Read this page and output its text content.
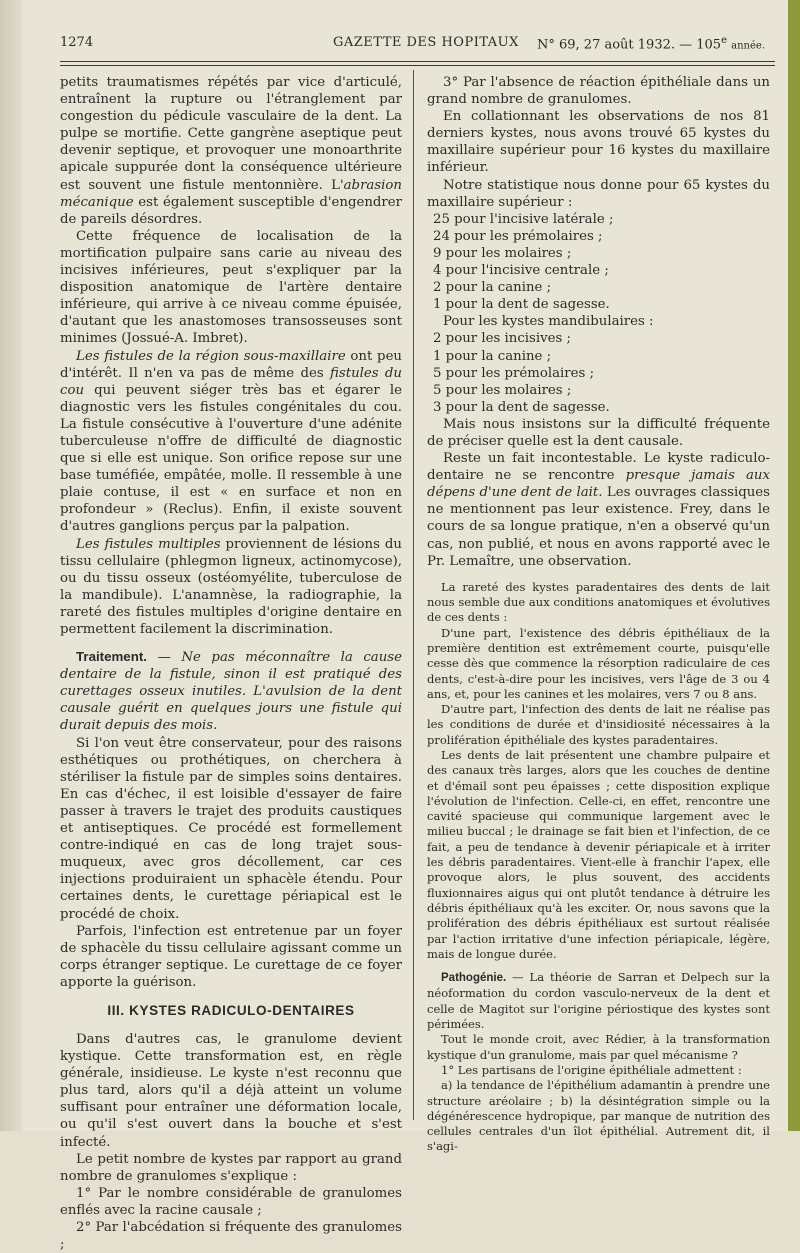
1274	GAZETTE DES HOPITAUX N° 69, 27 août 1932. — 105e année.

petits traumatismes répétés par vice d'articulé, entraînent la rupture ou l'étranglement par congestion du pédicule vasculaire de la dent. La pulpe se mortifie. Cette gangrène aseptique peut devenir septique, et provoquer une monoarthrite apicale suppurée dont la conséquence ultérieure est souvent une fistule mentonnière. L'abrasion mécanique est également susceptible d'engendrer de pareils désordres.

Cette fréquence de localisation de la mortification pulpaire sans carie au niveau des incisives inférieures, peut s'expliquer par la disposition anatomique de l'artère dentaire inférieure, qui arrive à ce niveau comme épuisée, d'autant que les anastomoses transosseuses sont minimes (Jossué-A. Imbret).

Les fistules de la région sous-maxillaire ont peu d'intérêt. Il n'en va pas de même des fistules du cou qui peuvent siéger très bas et égarer le diagnostic vers les fistules congénitales du cou. La fistule consécutive à l'ouverture d'une adénite tuberculeuse n'offre de difficulté de diagnostic que si elle est unique. Son orifice repose sur une base tuméfiée, empâtée, molle. Il ressemble à une plaie contuse, il est « en surface et non en profondeur » (Reclus). Enfin, il existe souvent d'autres ganglions perçus par la palpation.

Les fistules multiples proviennent de lésions du tissu cellulaire (phlegmon ligneux, actinomycose), ou du tissu osseux (ostéomyélite, tuberculose de la mandibule). L'anamnèse, la radiographie, la rareté des fistules multiples d'origine dentaire en permettent facilement la discrimination.

Traitement. — Ne pas méconnaître la cause dentaire de la fistule, sinon il est pratiqué des curettages osseux inutiles. L'avulsion de la dent causale guérit en quelques jours une fistule qui durait depuis des mois.

Si l'on veut être conservateur, pour des raisons esthétiques ou prothétiques, on cherchera à stériliser la fistule par de simples soins dentaires. En cas d'échec, il est loisible d'essayer de faire passer à travers le trajet des produits caustiques et antiseptiques. Ce procédé est formellement contre-indiqué en cas de long trajet sous-muqueux, avec gros décollement, car ces injections produiraient un sphacèle étendu. Pour certaines dents, le curettage périapical est le procédé de choix.

Parfois, l'infection est entretenue par un foyer de sphacèle du tissu cellulaire agissant comme un corps étranger septique. Le curettage de ce foyer apporte la guérison.

III. KYSTES RADICULO-DENTAIRES

Dans d'autres cas, le granulome devient kystique. Cette transformation est, en règle générale, insidieuse. Le kyste n'est reconnu que plus tard, alors qu'il a déjà atteint un volume suffisant pour entraîner une déformation locale, ou qu'il s'est ouvert dans la bouche et s'est infecté.

Le petit nombre de kystes par rapport au grand nombre de granulomes s'explique :

1° Par le nombre considérable de granulomes enflés avec la racine causale ;

2° Par l'abcédation si fréquente des granulomes ;

3° Par l'absence de réaction épithéliale dans un grand nombre de granulomes.

En collationnant les observations de nos 81 derniers kystes, nous avons trouvé 65 kystes du maxillaire supérieur pour 16 kystes du maxillaire inférieur.

Notre statistique nous donne pour 65 kystes du maxillaire supérieur :

25 pour l'incisive latérale ;
24 pour les prémolaires ;
9 pour les molaires ;
4 pour l'incisive centrale ;
2 pour la canine ;
1 pour la dent de sagesse.

Pour les kystes mandibulaires :

2 pour les incisives ;
1 pour la canine ;
5 pour les prémolaires ;
5 pour les molaires ;
3 pour la dent de sagesse.

Mais nous insistons sur la difficulté fréquente de préciser quelle est la dent causale.

Reste un fait incontestable. Le kyste radiculo-dentaire ne se rencontre presque jamais aux dépens d'une dent de lait. Les ouvrages classiques ne mentionnent pas leur existence. Frey, dans le cours de sa longue pratique, n'en a observé qu'un cas, non publié, et nous en avons rapporté avec le Pr. Lemaître, une observation.

La rareté des kystes paradentaires des dents de lait nous semble due aux conditions anatomiques et évolutives de ces dents :

D'une part, l'existence des débris épithéliaux de la première dentition est extrêmement courte, puisqu'elle cesse dès que commence la résorption radiculaire de ces dents, c'est-à-dire pour les incisives, vers l'âge de 3 ou 4 ans, et, pour les canines et les molaires, vers 7 ou 8 ans.

D'autre part, l'infection des dents de lait ne réalise pas les conditions de durée et d'insidiosité nécessaires à la prolifération épithéliale des kystes paradentaires.

Les dents de lait présentent une chambre pulpaire et des canaux très larges, alors que les couches de dentine et d'émail sont peu épaisses ; cette disposition explique l'évolution de l'infection. Celle-ci, en effet, rencontre une cavité spacieuse qui communique largement avec le milieu buccal ; le drainage se fait bien et l'infection, de ce fait, a peu de tendance à devenir périapicale et à irriter les débris paradentaires. Vient-elle à franchir l'apex, elle provoque alors, le plus souvent, des accidents fluxionnaires aigus qui ont plutôt tendance à détruire les débris épithéliaux qu'à les exciter. Or, nous savons que la prolifération des débris épithéliaux est surtout réalisée par l'action irritative d'une infection périapicale, légère, mais de longue durée.

Pathogénie. — La théorie de Sarran et Delpech sur la néoformation du cordon vasculo-nerveux de la dent et celle de Magitot sur l'origine périostique des kystes sont périmées.

Tout le monde croit, avec Rédier, à la transformation kystique d'un granulome, mais par quel mécanisme ?

1° Les partisans de l'origine épithéliale admettent :

a) la tendance de l'épithélium adamantin à prendre une structure aréolaire ; b) la désintégration simple ou la dégénérescence hydropique, par manque de nutrition des cellules centrales d'un îlot épithélial. Autrement dit, il s'agi-
